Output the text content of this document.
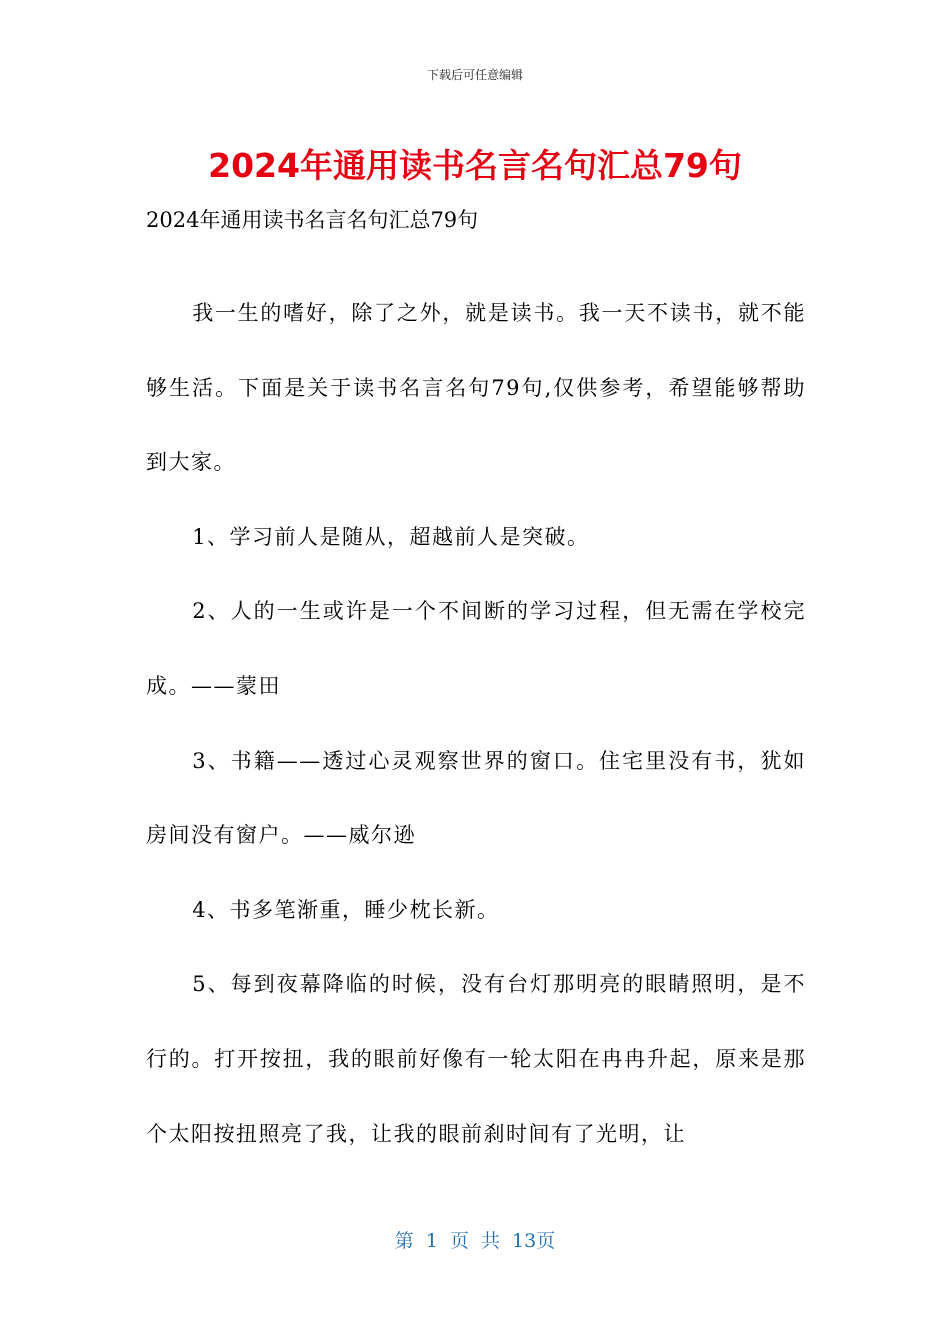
下载后可任意编辑
2024年通用读书名言名句汇总79句
2024年通用读书名言名句汇总79句

我一生的嗜好，除了之外，就是读书。我一天不读书，就不能够生活。下面是关于读书名言名句79句,仅供参考，希望能够帮助到大家。

1、学习前人是随从，超越前人是突破。

2、人的一生或许是一个不间断的学习过程，但无需在学校完成。——蒙田

3、书籍——透过心灵观察世界的窗口。住宅里没有书，犹如房间没有窗户。——威尔逊

4、书多笔渐重，睡少枕长新。

5、每到夜幕降临的时候，没有台灯那明亮的眼睛照明，是不行的。打开按扭，我的眼前好像有一轮太阳在冉冉升起，原来是那个太阳按扭照亮了我，让我的眼前刹时间有了光明，让

第 1 页 共 13页
